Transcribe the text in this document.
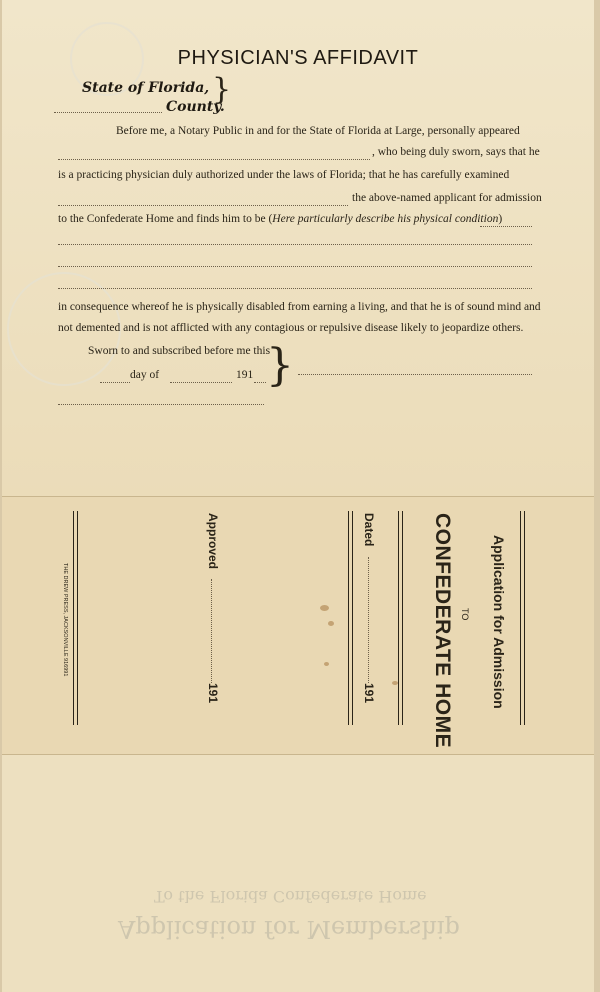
PHYSICIAN'S AFFIDAVIT
State of Florida,
County.
}
Before me, a Notary Public in and for the State of Florida at Large, personally appeared
, who being duly sworn, says that he
is a practicing physician duly authorized under the laws of Florida; that he has carefully examined
the above-named applicant for admission
to the Confederate Home and finds him to be (Here particularly describe his physical condition)
in consequence whereof he is physically disabled from earning a living, and that he is of sound mind and
not demented and is not afflicted with any contagious or repulsive disease likely to jeopardize others.
Sworn to and subscribed before me this
}
day of	191
Application for Admission
TO
CONFEDERATE HOME
Dated
191
Approved
191
THE DREW PRESS, JACKSONVILLE 916991
Application for Membership
To the Florida Confederate Home
